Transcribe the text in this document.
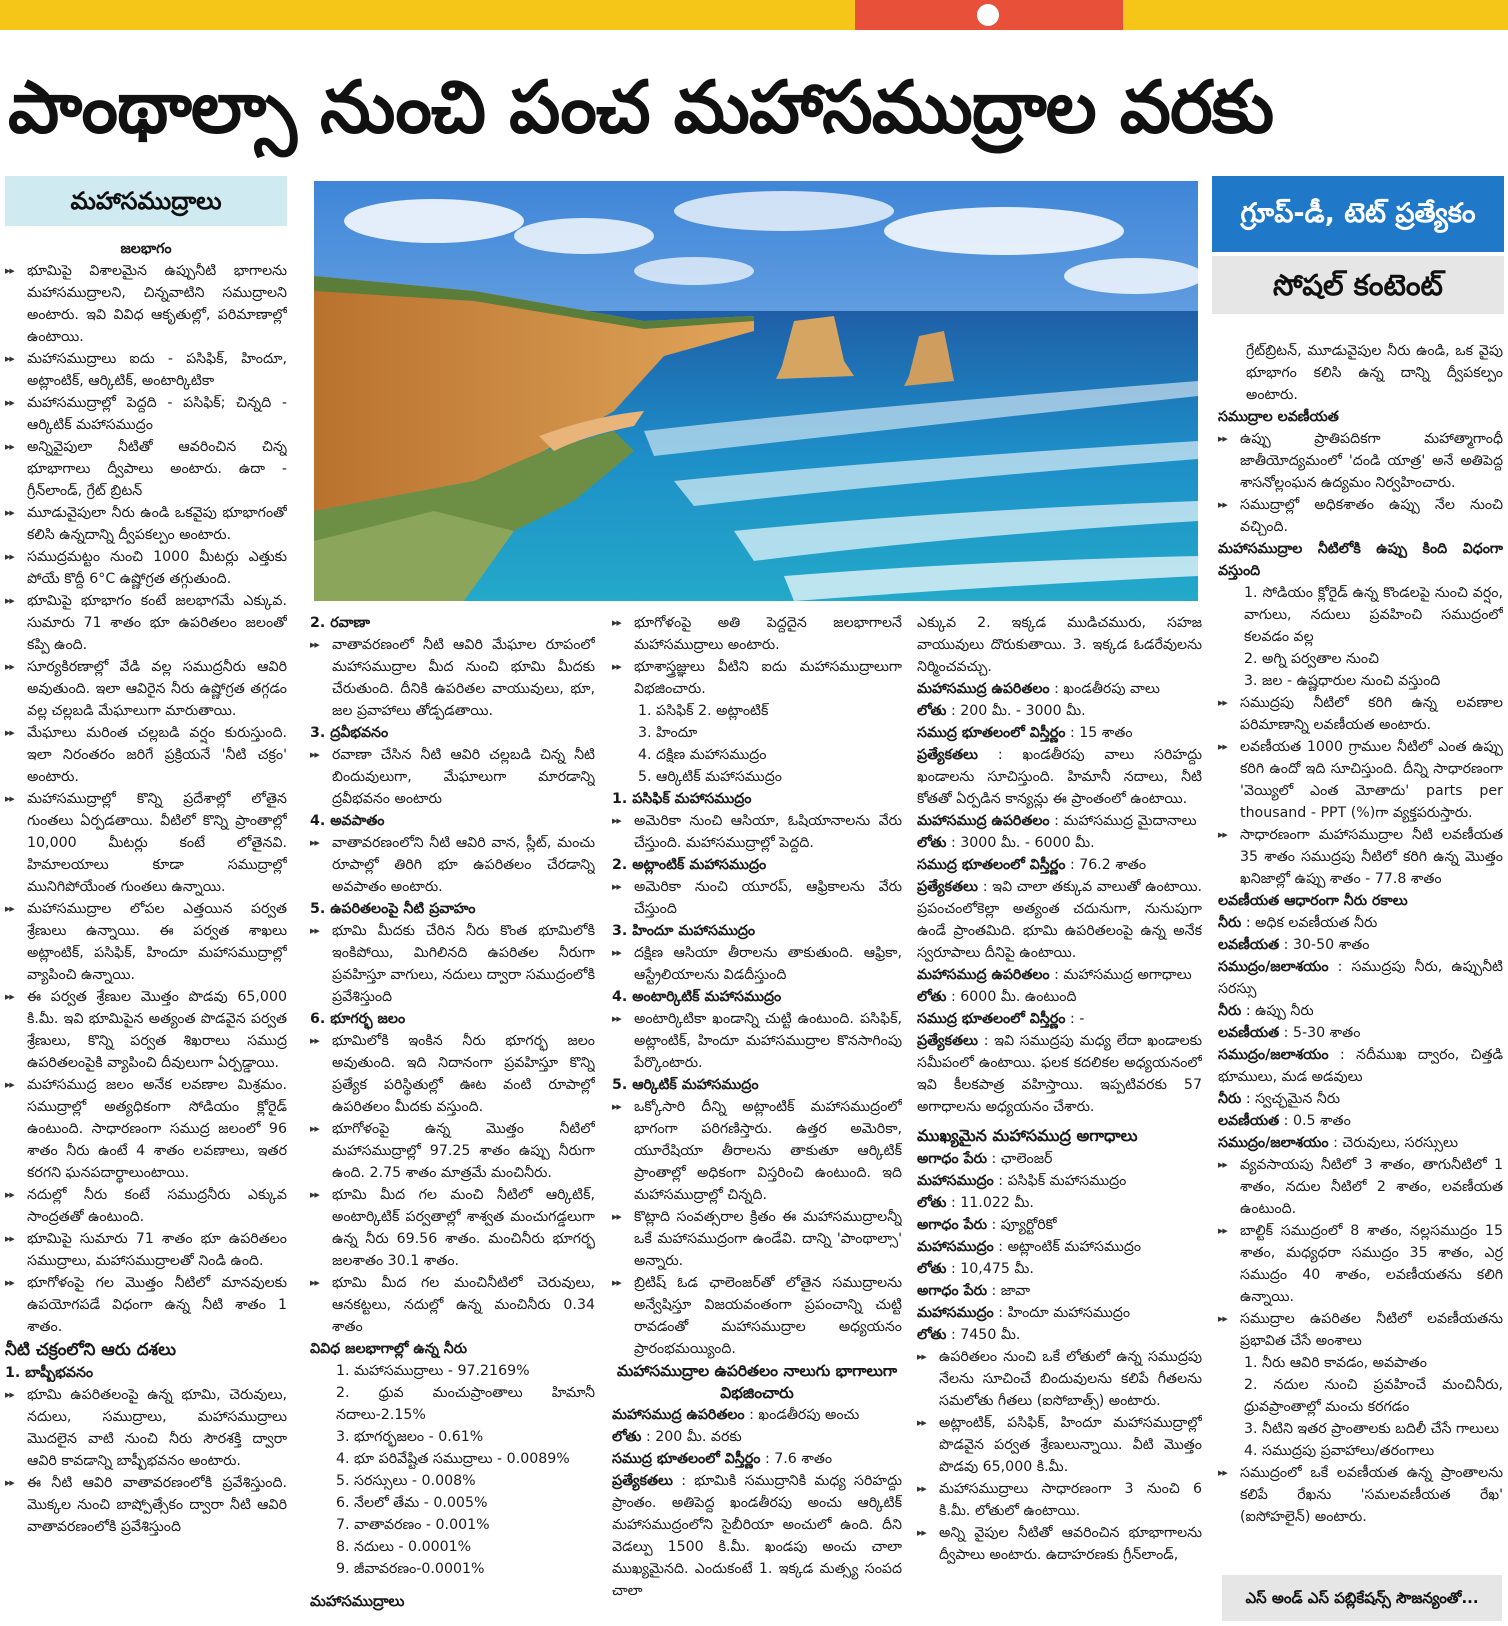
పాంథాల్సా నుంచి పంచ మహాసముద్రాల వరకు
మహాసముద్రాలు	గ్రూప్-డీ, టెట్ ప్రత్యేకం
సోషల్ కంటెంట్

జలభాగం

▶▶ భూమిపై విశాలమైన ఉప్పునీటి భాగాలను మహాసముద్రాలని, చిన్నవాటిని సముద్రాలని అంటారు. ఇవి వివిధ ఆకృతుల్లో, పరిమాణాల్లో ఉంటాయి.

▶▶ మహాసముద్రాలు ఐదు - పసిఫిక్, హిందూ, అట్లాంటిక్, ఆర్కిటిక్, అంటార్కిటికా

▶▶ మహాసముద్రాల్లో పెద్దది - పసిఫిక్; చిన్నది - ఆర్కిటిక్ మహాసముద్రం

▶▶ అన్నివైపులా నీటితో ఆవరించిన చిన్న భూభాగాలు ద్వీపాలు అంటారు. ఉదా - గ్రీన్‌లాండ్, గ్రేట్ బ్రిటన్

▶▶ మూడువైపులా నీరు ఉండి ఒకవైపు భూభాగంతో కలిసి ఉన్నదాన్ని ద్వీపకల్పం అంటారు.

▶▶ సముద్రమట్టం నుంచి 1000 మీటర్లు ఎత్తుకు పోయే కొద్దీ 6°C ఉష్ణోగ్రత తగ్గుతుంది.

▶▶ భూమిపై భూభాగం కంటే జలభాగమే ఎక్కువ. సుమారు 71 శాతం భూ ఉపరితలం జలంతో కప్పి ఉంది.

▶▶ సూర్యకిరణాల్లో వేడి వల్ల సముద్రనీరు ఆవిరి అవుతుంది. ఇలా ఆవిరైన నీరు ఉష్ణోగ్రత తగ్గడం వల్ల చల్లబడి మేఘాలుగా మారుతాయి.

▶▶ మేఘాలు మరింత చల్లబడి వర్షం కురుస్తుంది. ఇలా నిరంతరం జరిగే ప్రక్రియనే 'నీటి చక్రం' అంటారు.

▶▶ మహాసముద్రాల్లో కొన్ని ప్రదేశాల్లో లోతైన గుంతలు ఏర్పడతాయి. వీటిలో కొన్ని ప్రాంతాల్లో 10,000 మీటర్లు కంటే లోతైనవి. హిమాలయాలు కూడా సముద్రాల్లో మునిగిపోయేంత గుంతలు ఉన్నాయి.

▶▶ మహాసముద్రాల లోపల ఎత్తయిన పర్వత శ్రేణులు ఉన్నాయి. ఈ పర్వత శాఖలు అట్లాంటిక్, పసిఫిక్, హిందూ మహాసముద్రాల్లో వ్యాపించి ఉన్నాయి.

▶▶ ఈ పర్వత శ్రేణుల మొత్తం పొడవు 65,000 కి.మీ. ఇవి భూమిపైన అత్యంత పొడవైన పర్వత శ్రేణులు, కొన్ని పర్వత శిఖరాలు సముద్ర ఉపరితలంపైకి వ్యాపించి దీవులుగా ఏర్పడ్డాయి.

▶▶ మహాసముద్ర జలం అనేక లవణాల మిశ్రమం. సముద్రాల్లో అత్యధికంగా సోడియం క్లోరైడ్ ఉంటుంది. సాధారణంగా సముద్ర జలంలో 96 శాతం నీరు ఉంటే 4 శాతం లవణాలు, ఇతర కరగని ఘనపదార్థాలుంటాయి.

▶▶ నదుల్లో నీరు కంటే సముద్రనీరు ఎక్కువ సాంద్రతతో ఉంటుంది.

▶▶ భూమిపై సుమారు 71 శాతం భూ ఉపరితలం సముద్రాలు, మహాసముద్రాలతో నిండి ఉంది.

▶▶ భూగోళంపై గల మొత్తం నీటిలో మానవులకు ఉపయోగపడే విధంగా ఉన్న నీటి శాతం 1 శాతం.

నీటి చక్రంలోని ఆరు దశలు

1. బాష్పీభవనం

▶▶ భూమి ఉపరితలంపై ఉన్న భూమి, చెరువులు, నదులు, సముద్రాలు, మహాసముద్రాలు మొదలైన వాటి నుంచి నీరు సౌరశక్తి ద్వారా ఆవిరి కావడాన్ని బాష్పీభవనం అంటారు.

▶▶ ఈ నీటి ఆవిరి వాతావరణంలోకి ప్రవేశిస్తుంది. మొక్కల నుంచి బాష్పోత్సేకం ద్వారా నీటి ఆవిరి వాతావరణంలోకి ప్రవేశిస్తుంది

2. రవాణా

▶▶ వాతావరణంలో నీటి ఆవిరి మేఘాల రూపంలో మహాసముద్రాల మీద నుంచి భూమి మీదకు చేరుతుంది. దీనికి ఉపరితల వాయువులు, భూ, జల ప్రవాహాలు తోడ్పడతాయి.

3. ద్రవీభవనం

▶▶ రవాణా చేసిన నీటి ఆవిరి చల్లబడి చిన్న నీటి బిందువులుగా, మేఘాలుగా మారడాన్ని ద్రవీభవనం అంటారు

4. అవపాతం

▶▶ వాతావరణంలోని నీటి ఆవిరి వాన, స్లీట్, మంచు రూపాల్లో తిరిగి భూ ఉపరితలం చేరడాన్ని అవపాతం అంటారు.

5. ఉపరితలంపై నీటి ప్రవాహం

▶▶ భూమి మీదకు చేరిన నీరు కొంత భూమిలోకి ఇంకిపోయి, మిగిలినది ఉపరితల నీరుగా ప్రవహిస్తూ వాగులు, నదులు ద్వారా సముద్రంలోకి ప్రవేశిస్తుంది

6. భూగర్భ జలం

▶▶ భూమిలోకి ఇంకిన నీరు భూగర్భ జలం అవుతుంది. ఇది నిదానంగా ప్రవహిస్తూ కొన్ని ప్రత్యేక పరిస్థితుల్లో ఊట వంటి రూపాల్లో ఉపరితలం మీదకు వస్తుంది.

▶▶ భూగోళంపై ఉన్న మొత్తం నీటిలో మహాసముద్రాల్లో 97.25 శాతం ఉప్పు నీరుగా ఉంది. 2.75 శాతం మాత్రమే మంచినీరు.

▶▶ భూమి మీద గల మంచి నీటిలో ఆర్కిటిక్, అంటార్కిటిక్ పర్వతాల్లో శాశ్వత మంచుగడ్డలుగా ఉన్న నీరు 69.56 శాతం. మంచినీరు భూగర్భ జలశాతం 30.1 శాతం.

▶▶ భూమి మీద గల మంచినీటిలో చెరువులు, ఆనకట్టలు, నదుల్లో ఉన్న మంచినీరు 0.34 శాతం

వివిధ జలభాగాల్లో ఉన్న నీరు

1. మహాసముద్రాలు - 97.2169%

2. ధ్రువ మంచుప్రాంతాలు హిమానీ నదాలు-2.15%

3. భూగర్భజలం - 0.61%

4. భూ పరివేష్టిత సముద్రాలు - 0.0089%

5. సరస్సులు - 0.008%

6. నేలలో తేమ - 0.005%

7. వాతావరణం - 0.001%

8. నదులు - 0.0001%

9. జీవావరణం-0.0001%

మహాసముద్రాలు

▶▶ భూగోళంపై అతి పెద్దదైన జలభాగాలనే మహాసముద్రాలు అంటారు.

▶▶ భూశాస్త్రజ్ఞులు వీటిని ఐదు మహాసముద్రాలుగా విభజించారు.

1. పసిఫిక్ 2. అట్లాంటిక్

3. హిందూ

4. దక్షిణ మహాసముద్రం

5. ఆర్కిటిక్ మహాసముద్రం

1. పసిఫిక్ మహాసముద్రం

▶▶ అమెరికా నుంచి ఆసియా, ఓషియానాలను వేరు చేస్తుంది. మహాసముద్రాల్లో పెద్దది.

2. అట్లాంటిక్ మహాసముద్రం

▶▶ అమెరికా నుంచి యూరప్, ఆఫ్రికాలను వేరు చేస్తుంది

3. హిందూ మహాసముద్రం

▶▶ దక్షిణ ఆసియా తీరాలను తాకుతుంది. ఆఫ్రికా, ఆస్ట్రేలియాలను విడదీస్తుంది

4. అంటార్కిటిక్ మహాసముద్రం

▶▶ అంటార్కిటికా ఖండాన్ని చుట్టి ఉంటుంది. పసిఫిక్, అట్లాంటిక్, హిందూ మహాసముద్రాల కొనసాగింపు పేర్కొంటారు.

5. ఆర్కిటిక్ మహాసముద్రం

▶▶ ఒక్కోసారి దీన్ని అట్లాంటిక్ మహాసముద్రంలో భాగంగా పరిగణిస్తారు. ఉత్తర అమెరికా, యూరేషియా తీరాలను తాకుతూ ఆర్కిటిక్ ప్రాంతాల్లో అధికంగా విస్తరించి ఉంటుంది. ఇది మహాసముద్రాల్లో చిన్నది.

▶▶ కొట్లాది సంవత్సరాల క్రితం ఈ మహాసముద్రాలన్నీ ఒకే మహాసముద్రంగా ఉండేవి. దాన్ని 'పాంథాల్సా' అన్నారు.

▶▶ బ్రిటిష్ ఓడ ఛాలెంజర్‌తో లోతైన సముద్రాలను అన్వేషిస్తూ విజయవంతంగా ప్రపంచాన్ని చుట్టి రావడంతో మహాసముద్రాల అధ్యయనం ప్రారంభమయ్యింది.

మహాసముద్రాల ఉపరితలం నాలుగు భాగాలుగా విభజించారు

మహాసముద్ర ఉపరితలం : ఖండతీరపు అంచు

లోతు : 200 మీ. వరకు

సముద్ర భూతలంలో విస్తీర్ణం : 7.6 శాతం

ప్రత్యేకతలు : భూమికి సముద్రానికి మధ్య సరిహద్దు ప్రాంతం. అతిపెద్ద ఖండతీరపు అంచు ఆర్కిటిక్ మహాసముద్రంలోని సైబీరియా అంచులో ఉంది. దీని వెడల్పు 1500 కి.మీ. ఖండపు అంచు చాలా ముఖ్యమైనది. ఎందుకంటే 1. ఇక్కడ మత్స్య సంపద చాలా

ఎక్కువ 2. ఇక్కడ ముడిచమురు, సహజ వాయువులు దొరుకుతాయి. 3. ఇక్కడ ఓడరేవులను నిర్మించవచ్చు.

మహాసముద్ర ఉపరితలం : ఖండతీరపు వాలు

లోతు : 200 మీ. - 3000 మీ.

సముద్ర భూతలంలో విస్తీర్ణం : 15 శాతం

ప్రత్యేకతలు : ఖండతీరపు వాలు సరిహద్దు ఖండాలను సూచిస్తుంది. హిమానీ నదాలు, నీటి కోతతో ఏర్పడిన కాన్యన్లు ఈ ప్రాంతంలో ఉంటాయి.

మహాసముద్ర ఉపరితలం : మహాసముద్ర మైదానాలు

లోతు : 3000 మీ. - 6000 మీ.

సముద్ర భూతలంలో విస్తీర్ణం : 76.2 శాతం

ప్రత్యేకతలు : ఇవి చాలా తక్కువ వాలుతో ఉంటాయి. ప్రపంచంలోకెల్లా అత్యంత చదునుగా, నునుపుగా ఉండే ప్రాంతమిది. భూమి ఉపరితలంపై ఉన్న అనేక స్వరూపాలు దీనిపై ఉంటాయి.

మహాసముద్ర ఉపరితలం : మహాసముద్ర అగాధాలు

లోతు : 6000 మీ. ఉంటుంది

సముద్ర భూతలంలో విస్తీర్ణం : -

ప్రత్యేకతలు : ఇవి సముద్రపు మధ్య లేదా ఖండాలకు సమీపంలో ఉంటాయి. ఫలక కదలికల అధ్యయనంలో ఇవి కీలకపాత్ర వహిస్తాయి. ఇప్పటివరకు 57 అగాధాలను అధ్యయనం చేశారు.

ముఖ్యమైన మహాసముద్ర అగాధాలు

అగాధం పేరు : ఛాలెంజర్

మహాసముద్రం : పసిఫిక్ మహాసముద్రం

లోతు : 11.022 మీ.

అగాధం పేరు : ప్యూర్టోరికో

మహాసముద్రం : అట్లాంటిక్ మహాసముద్రం

లోతు : 10,475 మీ.

అగాధం పేరు : జావా

మహాసముద్రం : హిందూ మహాసముద్రం

లోతు : 7450 మీ.

▶▶ ఉపరితలం నుంచి ఒకే లోతులో ఉన్న సముద్రపు నేలను సూచించే బిందువులను కలిపే గీతలను సమలోతు గీతలు (ఐసోబాత్స్) అంటారు.

▶▶ అట్లాంటిక్, పసిఫిక్, హిందూ మహాసముద్రాల్లో పొడవైన పర్వత శ్రేణులున్నాయి. వీటి మొత్తం పొడవు 65,000 కి.మీ.

▶▶ మహాసముద్రాలు సాధారణంగా 3 నుంచి 6 కి.మీ. లోతులో ఉంటాయి.

▶▶ అన్ని వైపుల నీటితో ఆవరించిన భూభాగాలను ద్వీపాలు అంటారు. ఉదాహరణకు గ్రీన్‌లాండ్,

గ్రేట్‌బ్రిటన్, మూడువైపుల నీరు ఉండి, ఒక వైపు భూభాగం కలిసి ఉన్న దాన్ని ద్వీపకల్పం అంటారు.

సముద్రాల లవణీయత

▶▶ ఉప్పు ప్రాతిపదికగా మహాత్మాగాంధీ జాతీయోద్యమంలో 'దండి యాత్ర' అనే అతిపెద్ద శాసనోల్లంఘన ఉద్యమం నిర్వహించారు.

▶▶ సముద్రాల్లో అధికశాతం ఉప్పు నేల నుంచి వచ్చింది.

మహాసముద్రాల నీటిలోకి ఉప్పు కింది విధంగా వస్తుంది

1. సోడియం క్లోరైడ్ ఉన్న కొండలపై నుంచి వర్షం, వాగులు, నదులు ప్రవహించి సముద్రంలో కలవడం వల్ల

2. అగ్ని పర్వతాల నుంచి

3. జల - ఉష్ణధారుల నుంచి వస్తుంది

▶▶ సముద్రపు నీటిలో కరిగి ఉన్న లవణాల పరిమాణాన్ని లవణీయత అంటారు.

▶▶ లవణీయత 1000 గ్రాముల నీటిలో ఎంత ఉప్పు కరిగి ఉందో ఇది సూచిస్తుంది. దీన్ని సాధారణంగా 'వెయ్యిలో ఎంత మోతాదు' parts per thousand - PPT (%)గా వ్యక్తపరుస్తారు.

▶▶ సాధారణంగా మహాసముద్రాల నీటి లవణీయత 35 శాతం సముద్రపు నీటిలో కరిగి ఉన్న మొత్తం ఖనిజాల్లో ఉప్పు శాతం - 77.8 శాతం

లవణీయత ఆధారంగా నీరు రకాలు

నీరు : అధిక లవణీయత నీరు

లవణీయత : 30-50 శాతం

సముద్రం/జలాశయం : సముద్రపు నీరు, ఉప్పునీటి సరస్సు

నీరు : ఉప్పు నీరు

లవణీయత : 5-30 శాతం

సముద్రం/జలాశయం : నదీముఖ ద్వారం, చిత్తడి భూములు, మడ అడవులు

నీరు : స్వచ్ఛమైన నీరు

లవణీయత : 0.5 శాతం

సముద్రం/జలాశయం : చెరువులు, సరస్సులు

▶▶ వ్యవసాయపు నీటిలో 3 శాతం, తాగునీటిలో 1 శాతం, నదుల నీటిలో 2 శాతం, లవణీయత ఉంటుంది.

▶▶ బాల్టిక్ సముద్రంలో 8 శాతం, నల్లసముద్రం 15 శాతం, మధ్యధరా సముద్రం 35 శాతం, ఎర్ర సముద్రం 40 శాతం, లవణీయతను కలిగి ఉన్నాయి.

▶▶ సముద్రాల ఉపరితల నీటిలో లవణీయతను ప్రభావిత చేసే అంశాలు

1. నీరు ఆవిరి కావడం, అవపాతం

2. నదుల నుంచి ప్రవహించే మంచినీరు, ధ్రువప్రాంతాల్లో మంచు కరగడం

3. నీటిని ఇతర ప్రాంతాలకు బదిలీ చేసే గాలులు

4. సముద్రపు ప్రవాహాలు/తరంగాలు

▶▶ సముద్రంలో ఒకే లవణీయత ఉన్న ప్రాంతాలను కలిపే రేఖను 'సమలవణీయత రేఖ' (ఐసోహలైన్) అంటారు.

ఎస్ అండ్ ఎస్ పబ్లికేషన్స్ సౌజన్యంతో...
